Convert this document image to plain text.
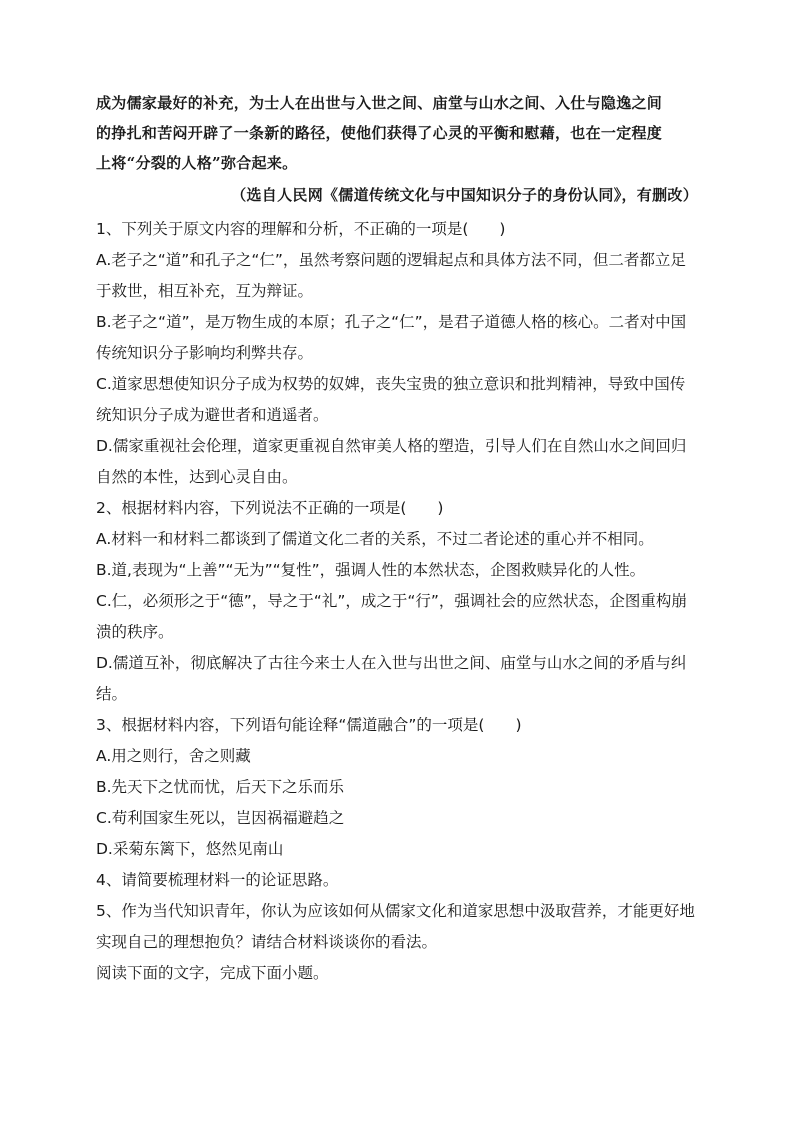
成为儒家最好的补充，为士人在出世与入世之间、庙堂与山水之间、入仕与隐逸之间

的挣扎和苦闷开辟了一条新的路径，使他们获得了心灵的平衡和慰藉，也在一定程度

上将“分裂的人格”弥合起来。

（选自人民网《儒道传统文化与中国知识分子的身份认同》，有删改）

1、下列关于原文内容的理解和分析，不正确的一项是(　　)

A.老子之“道”和孔子之“仁”，虽然考察问题的逻辑起点和具体方法不同，但二者都立足于救世，相互补充，互为辩证。

B.老子之“道”，是万物生成的本原；孔子之“仁”，是君子道德人格的核心。二者对中国传统知识分子影响均利弊共存。

C.道家思想使知识分子成为权势的奴婢，丧失宝贵的独立意识和批判精神，导致中国传统知识分子成为避世者和逍遥者。

D.儒家重视社会伦理，道家更重视自然审美人格的塑造，引导人们在自然山水之间回归自然的本性，达到心灵自由。

2、根据材料内容，下列说法不正确的一项是(　　)

A.材料一和材料二都谈到了儒道文化二者的关系，不过二者论述的重心并不相同。

B.道,表现为“上善”“无为”“复性”，强调人性的本然状态，企图救赎异化的人性。

C.仁，必须形之于“德”，导之于“礼”，成之于“行”，强调社会的应然状态，企图重构崩溃的秩序。

D.儒道互补，彻底解决了古往今来士人在入世与出世之间、庙堂与山水之间的矛盾与纠结。

3、根据材料内容，下列语句能诠释“儒道融合”的一项是(　　)

A.用之则行，舍之则藏

B.先天下之忧而忧，后天下之乐而乐

C.苟利国家生死以，岂因祸福避趋之

D.采菊东篱下，悠然见南山

4、请简要梳理材料一的论证思路。

5、作为当代知识青年，你认为应该如何从儒家文化和道家思想中汲取营养，才能更好地实现自己的理想抱负？请结合材料谈谈你的看法。

阅读下面的文字，完成下面小题。
